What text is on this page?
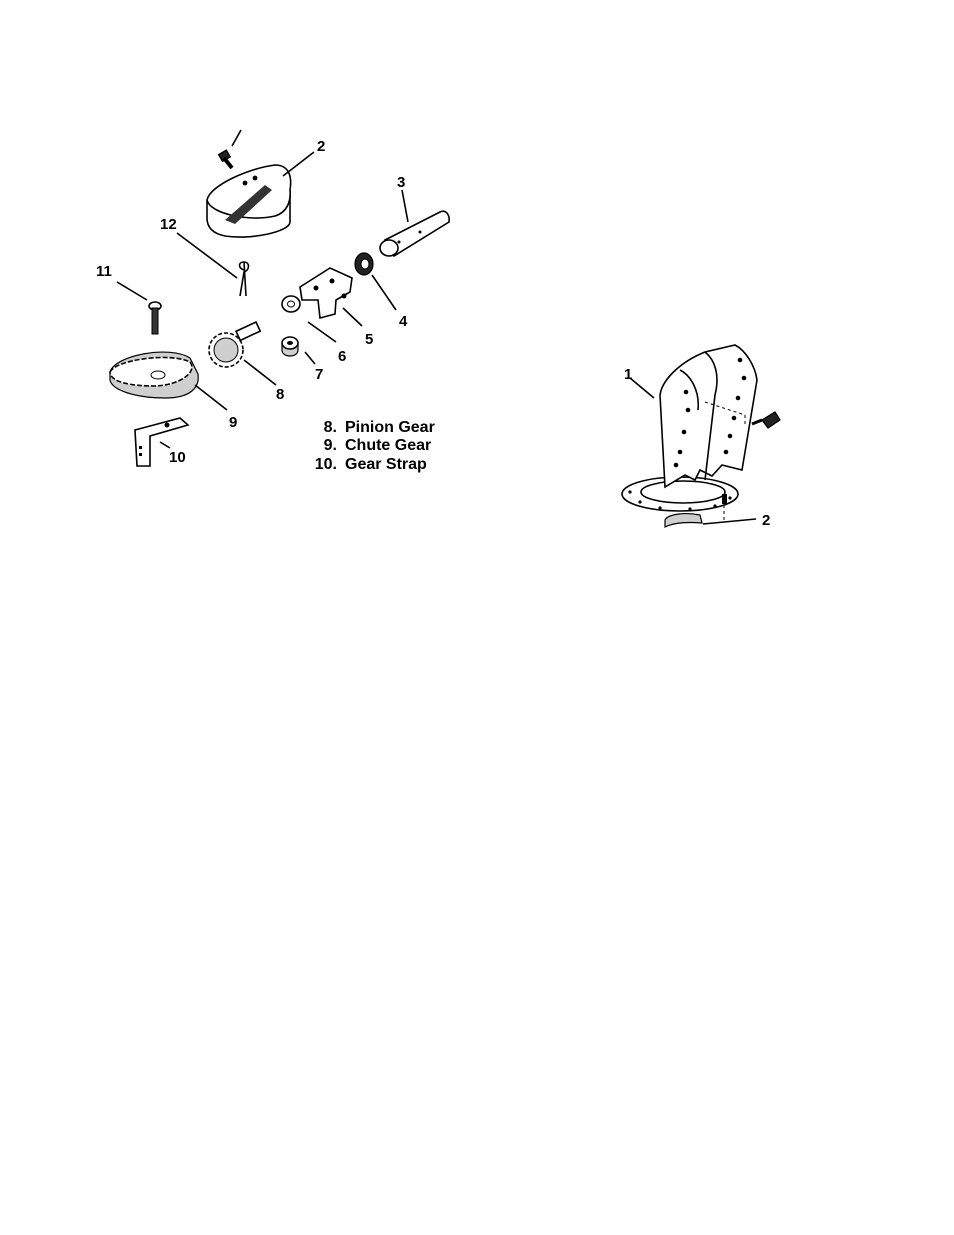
2
3
4
5
6
7
8
9
10
11
12
8. Pinion Gear
9. Chute Gear
10. Gear Strap
1
2
